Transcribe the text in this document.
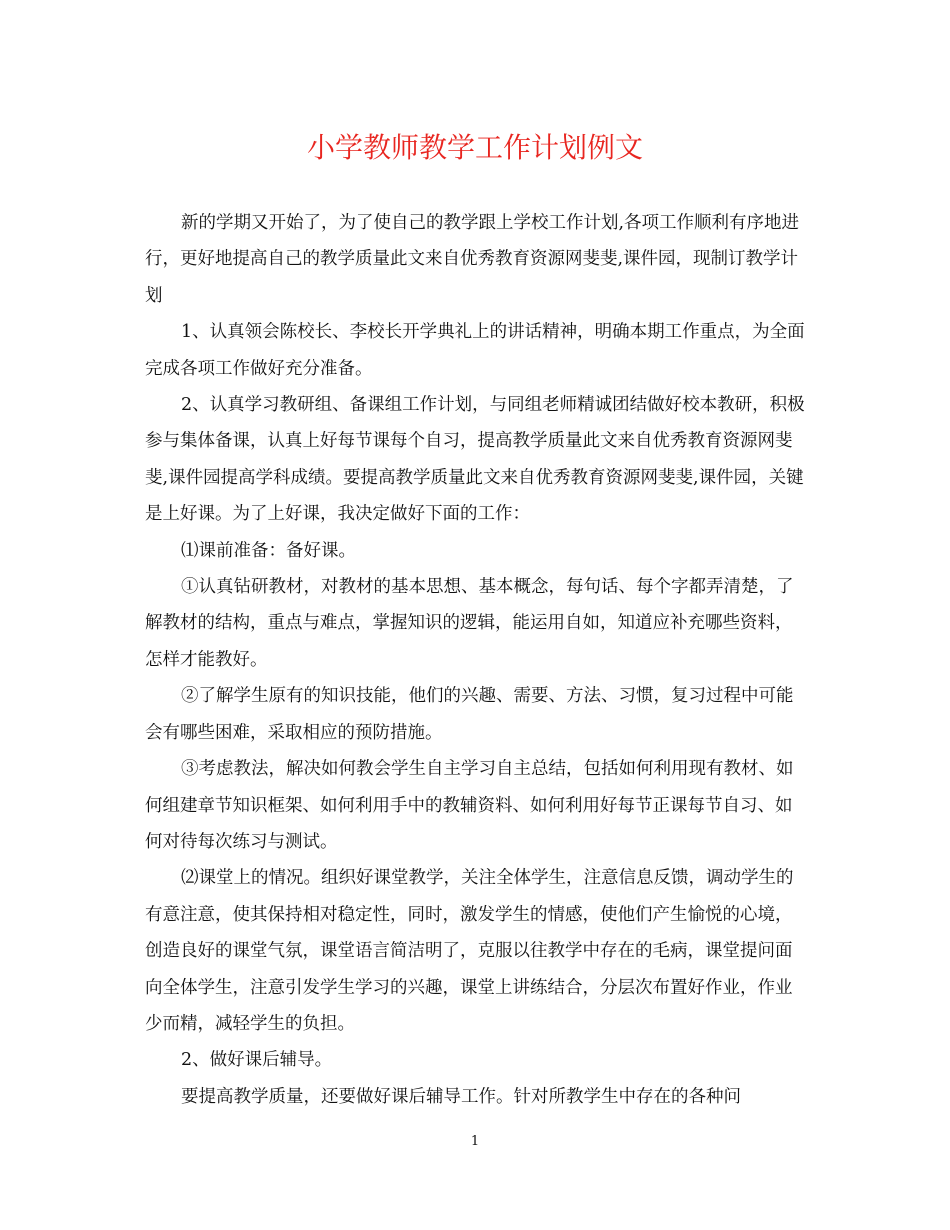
小学教师教学工作计划例文

新的学期又开始了，为了使自己的教学跟上学校工作计划,各项工作顺利有序地进行，更好地提高自己的教学质量此文来自优秀教育资源网斐斐,课件园，现制订教学计划

1、认真领会陈校长、李校长开学典礼上的讲话精神，明确本期工作重点，为全面完成各项工作做好充分准备。

2、认真学习教研组、备课组工作计划，与同组老师精诚团结做好校本教研，积极参与集体备课，认真上好每节课每个自习，提高教学质量此文来自优秀教育资源网斐斐,课件园提高学科成绩。要提高教学质量此文来自优秀教育资源网斐斐,课件园，关键是上好课。为了上好课，我决定做好下面的工作：

⑴课前准备：备好课。

①认真钻研教材，对教材的基本思想、基本概念，每句话、每个字都弄清楚，了解教材的结构，重点与难点，掌握知识的逻辑，能运用自如，知道应补充哪些资料，怎样才能教好。

②了解学生原有的知识技能，他们的兴趣、需要、方法、习惯，复习过程中可能会有哪些困难，采取相应的预防措施。

③考虑教法，解决如何教会学生自主学习自主总结，包括如何利用现有教材、如何组建章节知识框架、如何利用手中的教辅资料、如何利用好每节正课每节自习、如何对待每次练习与测试。

⑵课堂上的情况。组织好课堂教学，关注全体学生，注意信息反馈，调动学生的有意注意，使其保持相对稳定性，同时，激发学生的情感，使他们产生愉悦的心境，创造良好的课堂气氛，课堂语言简洁明了，克服以往教学中存在的毛病，课堂提问面向全体学生，注意引发学生学习的兴趣，课堂上讲练结合，分层次布置好作业，作业少而精，减轻学生的负担。

2、做好课后辅导。

要提高教学质量，还要做好课后辅导工作。针对所教学生中存在的各种问

1
